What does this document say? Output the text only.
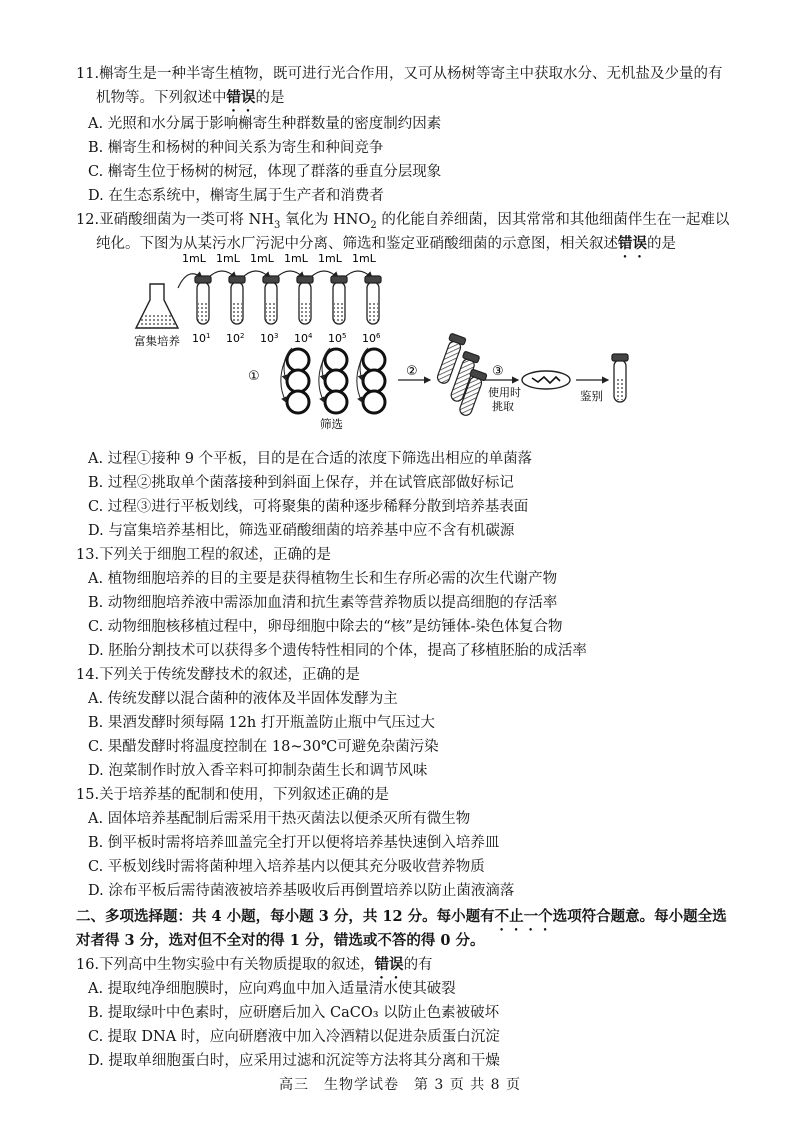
11.槲寄生是一种半寄生植物，既可进行光合作用，又可从杨树等寄主中获取水分、无机盐及少量的有
机物等。下列叙述中错误的是
A. 光照和水分属于影响槲寄生种群数量的密度制约因素
B. 槲寄生和杨树的种间关系为寄生和种间竞争
C. 槲寄生位于杨树的树冠，体现了群落的垂直分层现象
D. 在生态系统中，槲寄生属于生产者和消费者
12.亚硝酸细菌为一类可将 $NH_3$ 氧化为 $HNO_2$ 的化能自养细菌，因其常常和其他细菌伴生在一起难以
纯化。下图为从某污水厂污泥中分离、筛选和鉴定亚硝酸细菌的示意图，相关叙述错误的是
1mL 1mL 1mL 1mL 1mL 1mL
富集培养 $10^1$ $10^2$ $10^3$ $10^4$ $10^5$ $10^6$
①
筛选
②	③
使用时
挑取
鉴别
A. 过程①接种 9 个平板，目的是在合适的浓度下筛选出相应的单菌落
B. 过程②挑取单个菌落接种到斜面上保存，并在试管底部做好标记
C. 过程③进行平板划线，可将聚集的菌种逐步稀释分散到培养基表面
D. 与富集培养基相比，筛选亚硝酸细菌的培养基中应不含有机碳源
13.下列关于细胞工程的叙述，正确的是
A. 植物细胞培养的目的主要是获得植物生长和生存所必需的次生代谢产物
B. 动物细胞培养液中需添加血清和抗生素等营养物质以提高细胞的存活率
C. 动物细胞核移植过程中，卵母细胞中除去的“核”是纺锤体-染色体复合物
D. 胚胎分割技术可以获得多个遗传特性相同的个体，提高了移植胚胎的成活率
14.下列关于传统发酵技术的叙述，正确的是
A. 传统发酵以混合菌种的液体及半固体发酵为主
B. 果酒发酵时须每隔 12h 打开瓶盖防止瓶中气压过大
C. 果醋发酵时将温度控制在 18~30℃可避免杂菌污染
D. 泡菜制作时放入香辛料可抑制杂菌生长和调节风味
15.关于培养基的配制和使用，下列叙述正确的是
A. 固体培养基配制后需采用干热灭菌法以便杀灭所有微生物
B. 倒平板时需将培养皿盖完全打开以便将培养基快速倒入培养皿
C. 平板划线时需将菌种埋入培养基内以便其充分吸收营养物质
D. 涂布平板后需待菌液被培养基吸收后再倒置培养以防止菌液滴落
二、多项选择题：共 4 小题，每小题 3 分，共 12 分。每小题有不止一个选项符合题意。每小题全选
对者得 3 分，选对但不全对的得 1 分，错选或不答的得 0 分。
16.下列高中生物实验中有关物质提取的叙述，错误的有
A. 提取纯净细胞膜时，应向鸡血中加入适量清水使其破裂
B. 提取绿叶中色素时，应研磨后加入 CaCO₃ 以防止色素被破坏
C. 提取 DNA 时，应向研磨液中加入冷酒精以促进杂质蛋白沉淀
D. 提取单细胞蛋白时，应采用过滤和沉淀等方法将其分离和干燥
高三　生物学试卷　第 3 页 共 8 页
